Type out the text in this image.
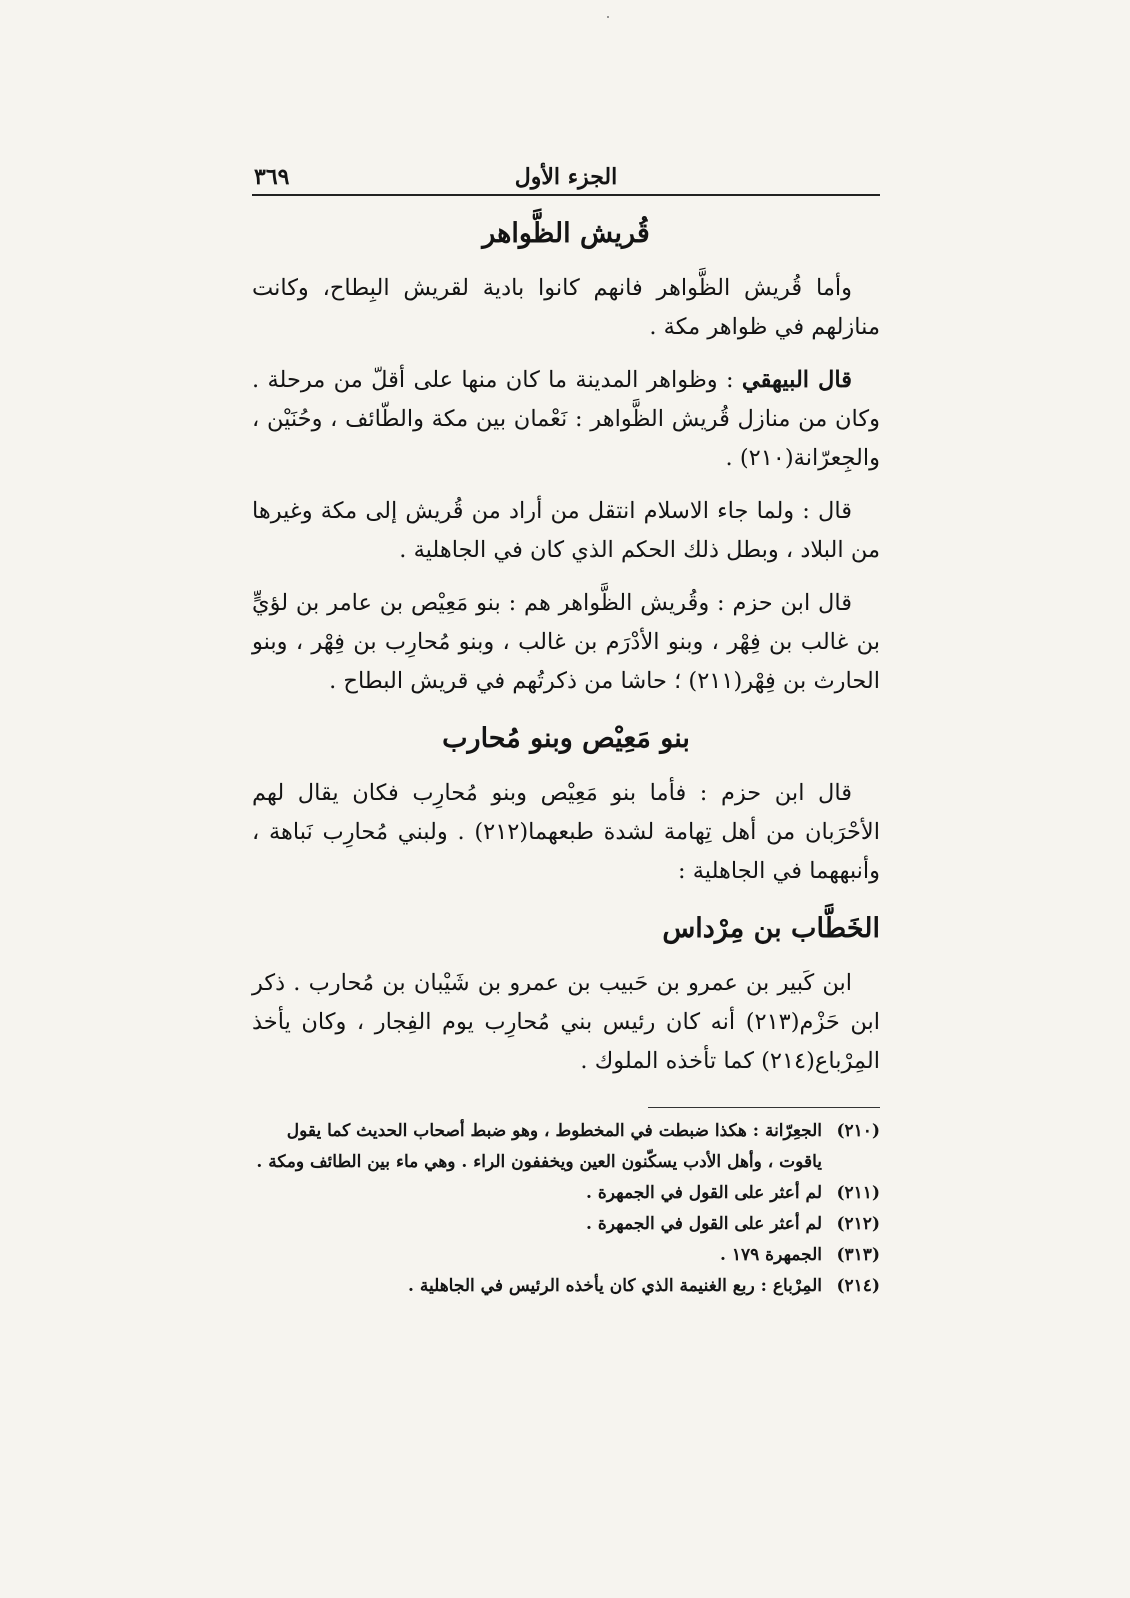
الجزء الأول
٣٦٩
قُريش الظَّواهر

وأما قُريش الظَّواهر فانهم كانوا بادية لقريش البِطاح، وكانت منازلهم في ظواهر مكة .

قال البيهقي : وظواهر المدينة ما كان منها على أقلّ من مرحلة . وكان من منازل قُريش الظَّواهر : نَعْمان بين مكة والطّائف ، وحُنَيْن ، والجِعرّانة(٢١٠) .

قال : ولما جاء الاسلام انتقل من أراد من قُريش إلى مكة وغيرها من البلاد ، وبطل ذلك الحكم الذي كان في الجاهلية .

قال ابن حزم : وقُريش الظَّواهر هم : بنو مَعِيْص بن عامر بن لؤيٍّ بن غالب بن فِهْر ، وبنو الأدْرَم بن غالب ، وبنو مُحارِب بن فِهْر ، وبنو الحارث بن فِهْر(٢١١) ؛ حاشا من ذكرتُهم في قريش البطاح .

بنو مَعِيْص وبنو مُحارب

قال ابن حزم : فأما بنو مَعِيْص وبنو مُحارِب فكان يقال لهم الأحْرَبان من أهل تِهامة لشدة طبعهما(٢١٢) . ولبني مُحارِب نَباهة ، وأنبههما في الجاهلية :

الخَطَّاب بن مِرْداس

ابن كَبير بن عمرو بن حَبيب بن عمرو بن شَيْبان بن مُحارب . ذكر ابن حَزْم(٢١٣) أنه كان رئيس بني مُحارِب يوم الفِجار ، وكان يأخذ المِرْباع(٢١٤) كما تأخذه الملوك .

(٢١٠)الجعِرّانة : هكذا ضبطت في المخطوط ، وهو ضبط أصحاب الحديث كما يقول ياقوت ، وأهل الأدب يسكّنون العين ويخففون الراء . وهي ماء بين الطائف ومكة .

(٢١١)لم أعثر على القول في الجمهرة .

(٢١٢)لم أعثر على القول في الجمهرة .

(٣١٣)الجمهرة ١٧٩ .

(٢١٤)المِرْباع : ربع الغنيمة الذي كان يأخذه الرئيس في الجاهلية .
